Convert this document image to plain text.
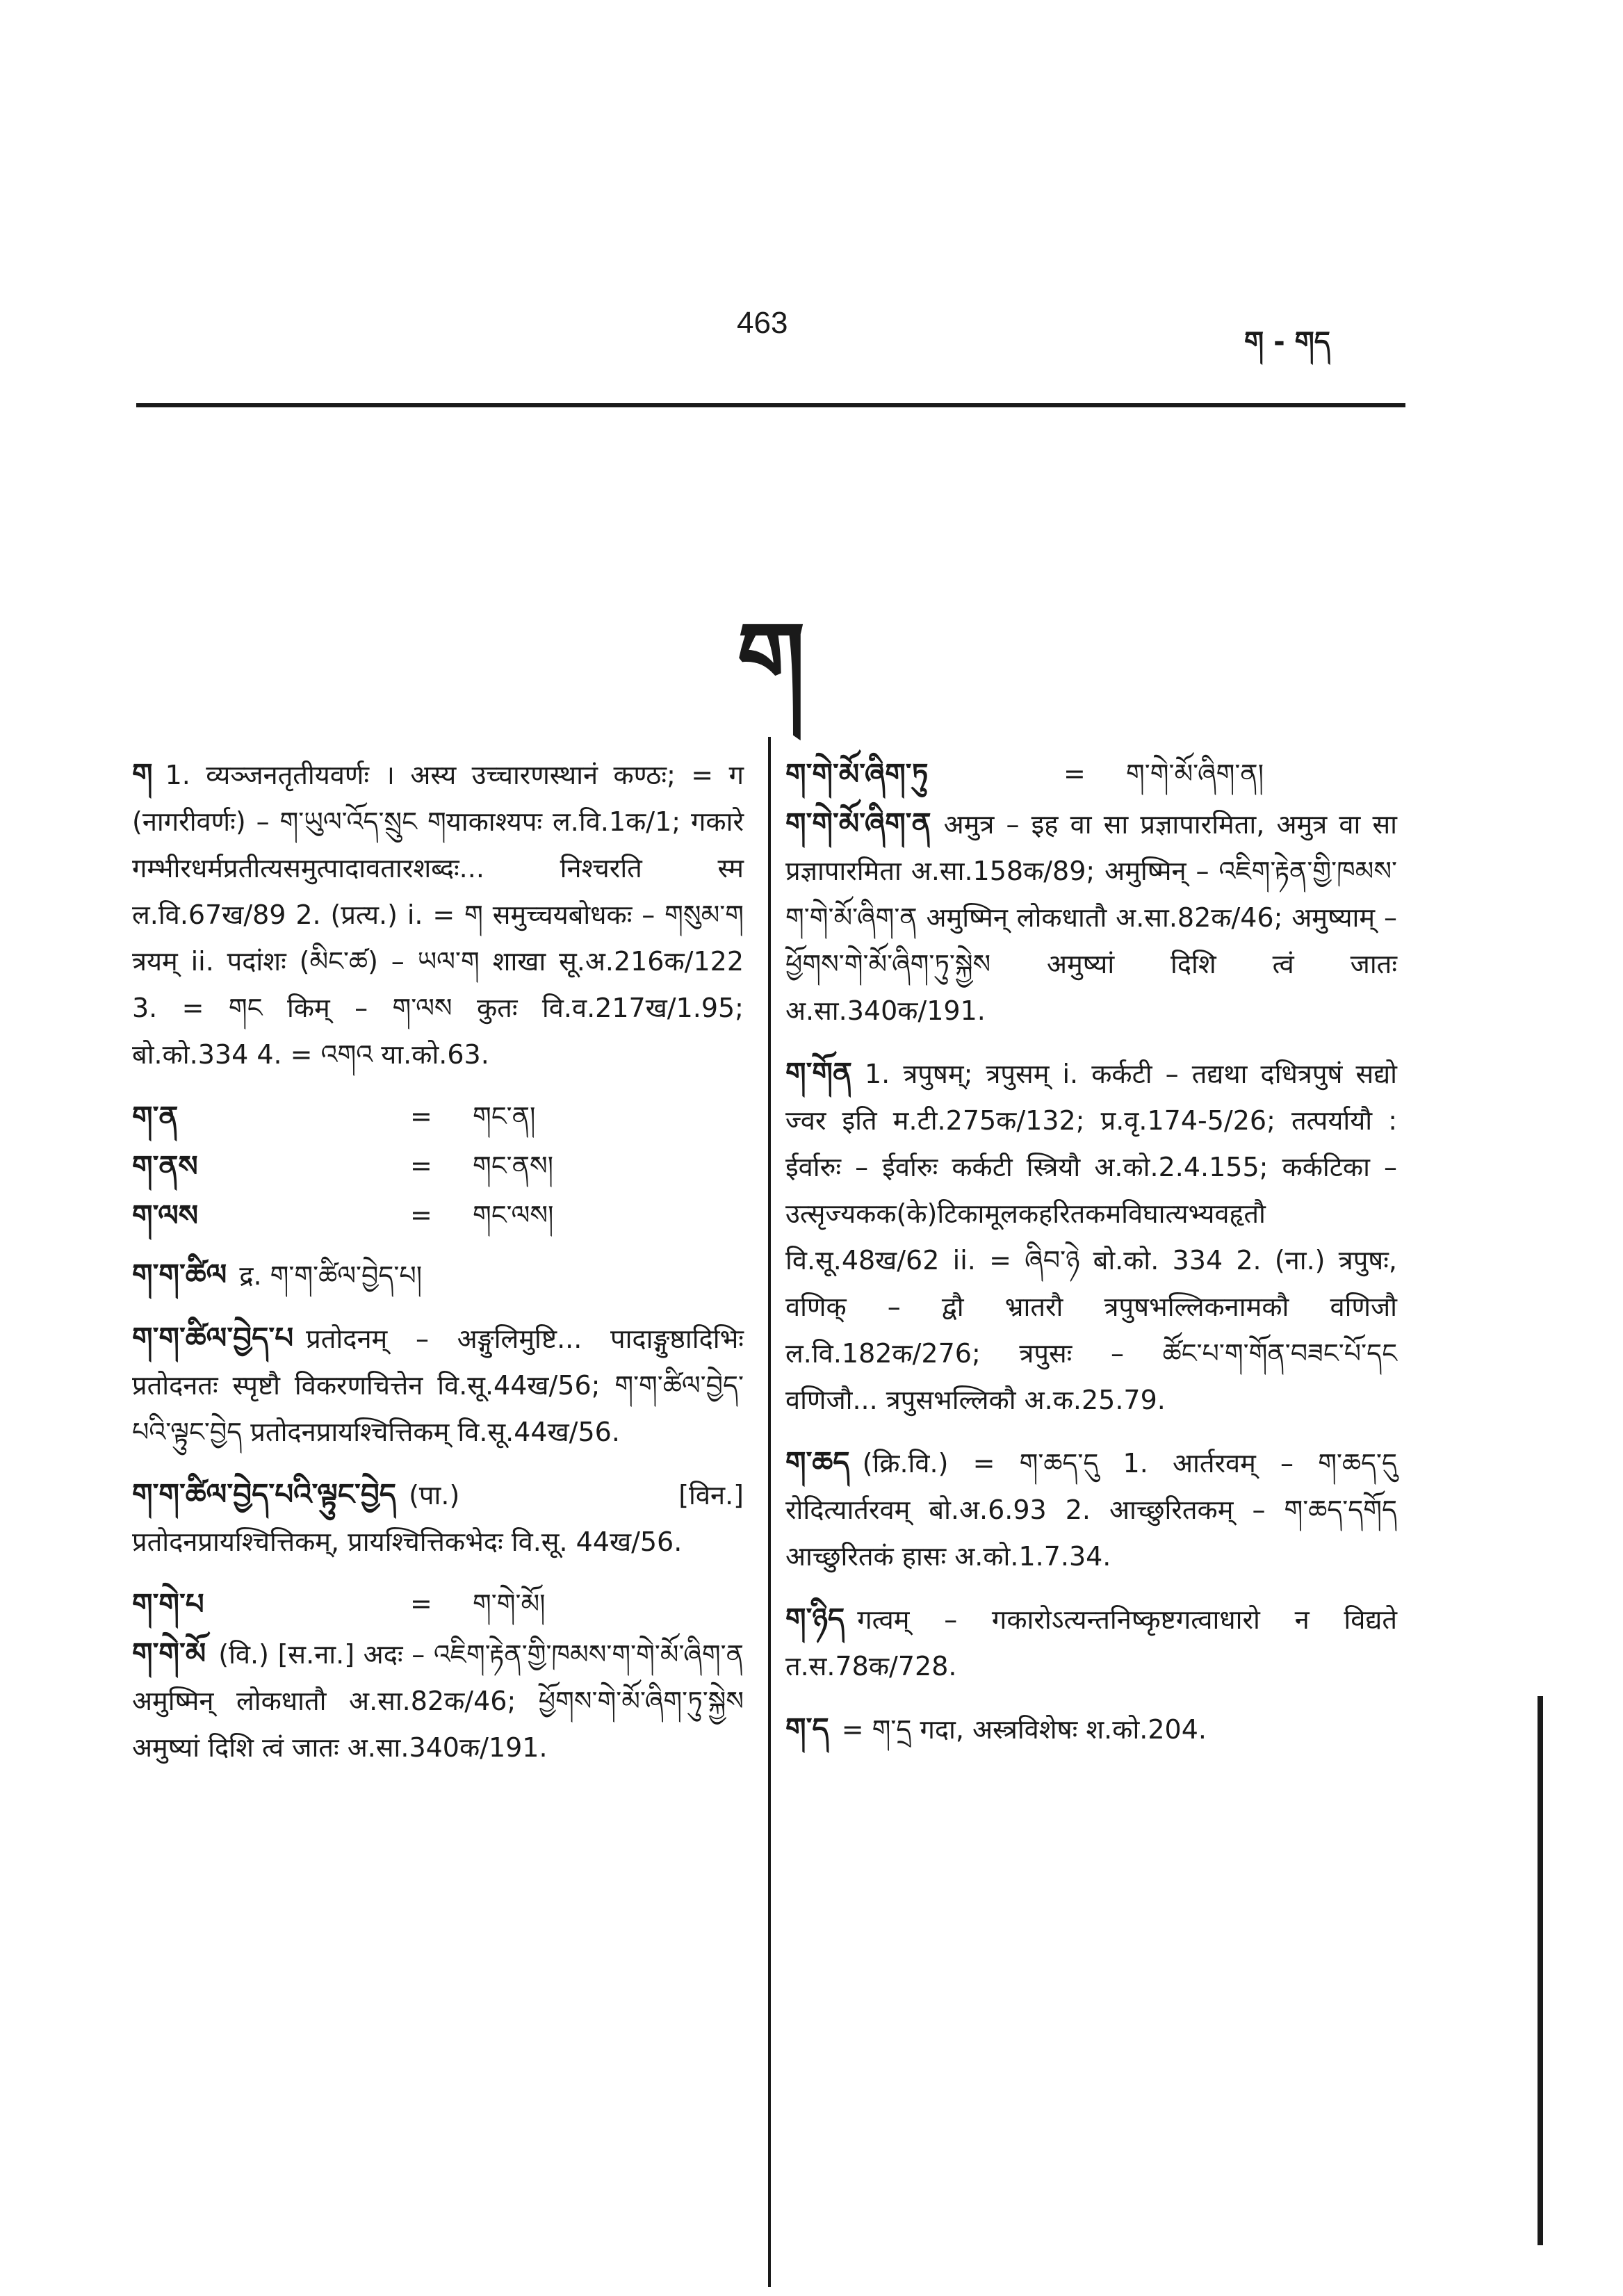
463
ག - གད
ག
ག 1. व्यञ्जनतृतीयवर्णः । अस्य उच्चारणस्थानं कण्ठः; = ग (नागरीवर्णः) – ག་ཡུལ་འོད་སྲུང གयाकाश्यपः ल.वि.1क/1; गकारे गम्भीरधर्मप्रतीत्यसमुत्पादावतारशब्दः... निश्चरति स्म ल.वि.67ख/89 2. (प्रत्य.) i. = ག समुच्चयबोधकः – གསུམ་ག त्रयम् ii. पदांशः (མིང་ཚ) – ཡལ་ག शाखा सू.अ.216क/122 3. = གང किम् – ག་ལས कुतः वि.व.217ख/1.95; बो.को.334 4. = འགའ या.को.63.
ག་ན	=	གང་ན།
ག་ནས	=	གང་ནས།
ག་ལས	=	གང་ལས།
ག་ག་ཚིལ द्र. ག་ག་ཚིལ་བྱེད་པ།
ག་ག་ཚིལ་བྱེད་པ प्रतोदनम् – अङ्गुलिमुष्टि... पादाङ्गुष्ठादिभिः प्रतोदनतः स्पृष्टौ विकरणचित्तेन वि.सू.44ख/56; ག་ག་ཚིལ་བྱེད་པའི་ལྟུང་བྱེད प्रतोदनप्रायश्चित्तिकम् वि.सू.44ख/56.
ག་ག་ཚིལ་བྱེད་པའི་ལྟུང་བྱེད (पा.) [विन.] प्रतोदनप्रायश्चित्तिकम्, प्रायश्चित्तिकभेदः वि.सू. 44ख/56.
ག་གེ་པ	=	ག་གེ་མོ།
ག་གེ་མོ (वि.) [स.ना.] अदः – འཇིག་རྟེན་གྱི་ཁམས་ག་གེ་མོ་ཞིག་ན अमुष्मिन् लोकधातौ अ.सा.82क/46; ཕྱོགས་གེ་མོ་ཞིག་ཏུ་སྐྱེས अमुष्यां दिशि त्वं जातः अ.सा.340क/191.
ག་གེ་མོ་ཞིག་ཏུ	=	ག་གེ་མོ་ཞིག་ན།
ག་གེ་མོ་ཞིག་ན अमुत्र – इह वा सा प्रज्ञापारमिता, अमुत्र वा सा प्रज्ञापारमिता अ.सा.158क/89; अमुष्मिन् – འཇིག་རྟེན་གྱི་ཁམས་ག་གེ་མོ་ཞིག་ན अमुष्मिन् लोकधातौ अ.सा.82क/46; अमुष्याम् – ཕྱོགས་གེ་མོ་ཞིག་ཏུ་སྐྱེས अमुष्यां दिशि त्वं जातः अ.सा.340क/191.
ག་གོན 1. त्रपुषम्; त्रपुसम् i. कर्कटी – तद्यथा दधित्रपुषं सद्यो ज्वर इति म.टी.275क/132; प्र.वृ.174-5/26; तत्पर्यायौ : ईर्वारुः – ईर्वारुः कर्कटी स्त्रियौ अ.को.2.4.155; कर्कटिका – उत्सृज्यकक(के)टिकामूलकहरितकमविघात्यभ्यवहृतौ वि.सू.48ख/62 ii. = ཞིབ་ཉེ बो.को. 334 2. (ना.) त्रपुषः, वणिक् – द्वौ भ्रातरौ त्रपुषभल्लिकनामकौ वणिजौ ल.वि.182क/276; त्रपुसः – ཚོང་པ་ག་གོན་བཟང་པོ་དང वणिजौ... त्रपुसभल्लिकौ अ.क.25.79.
ག་ཆད (क्रि.वि.) = ག་ཆད་དུ 1. आर्तरवम् – ག་ཆད་དུ रोदित्यार्तरवम् बो.अ.6.93 2. आच्छुरितकम् – ག་ཆད་དགོད आच्छुरितकं हासः अ.को.1.7.34.
ག་ཉིད गत्वम् – गकारोऽत्यन्तनिष्कृष्टगत्वाधारो न विद्यते त.स.78क/728.
ག་ད = ག་དྲ गदा, अस्त्रविशेषः श.को.204.
